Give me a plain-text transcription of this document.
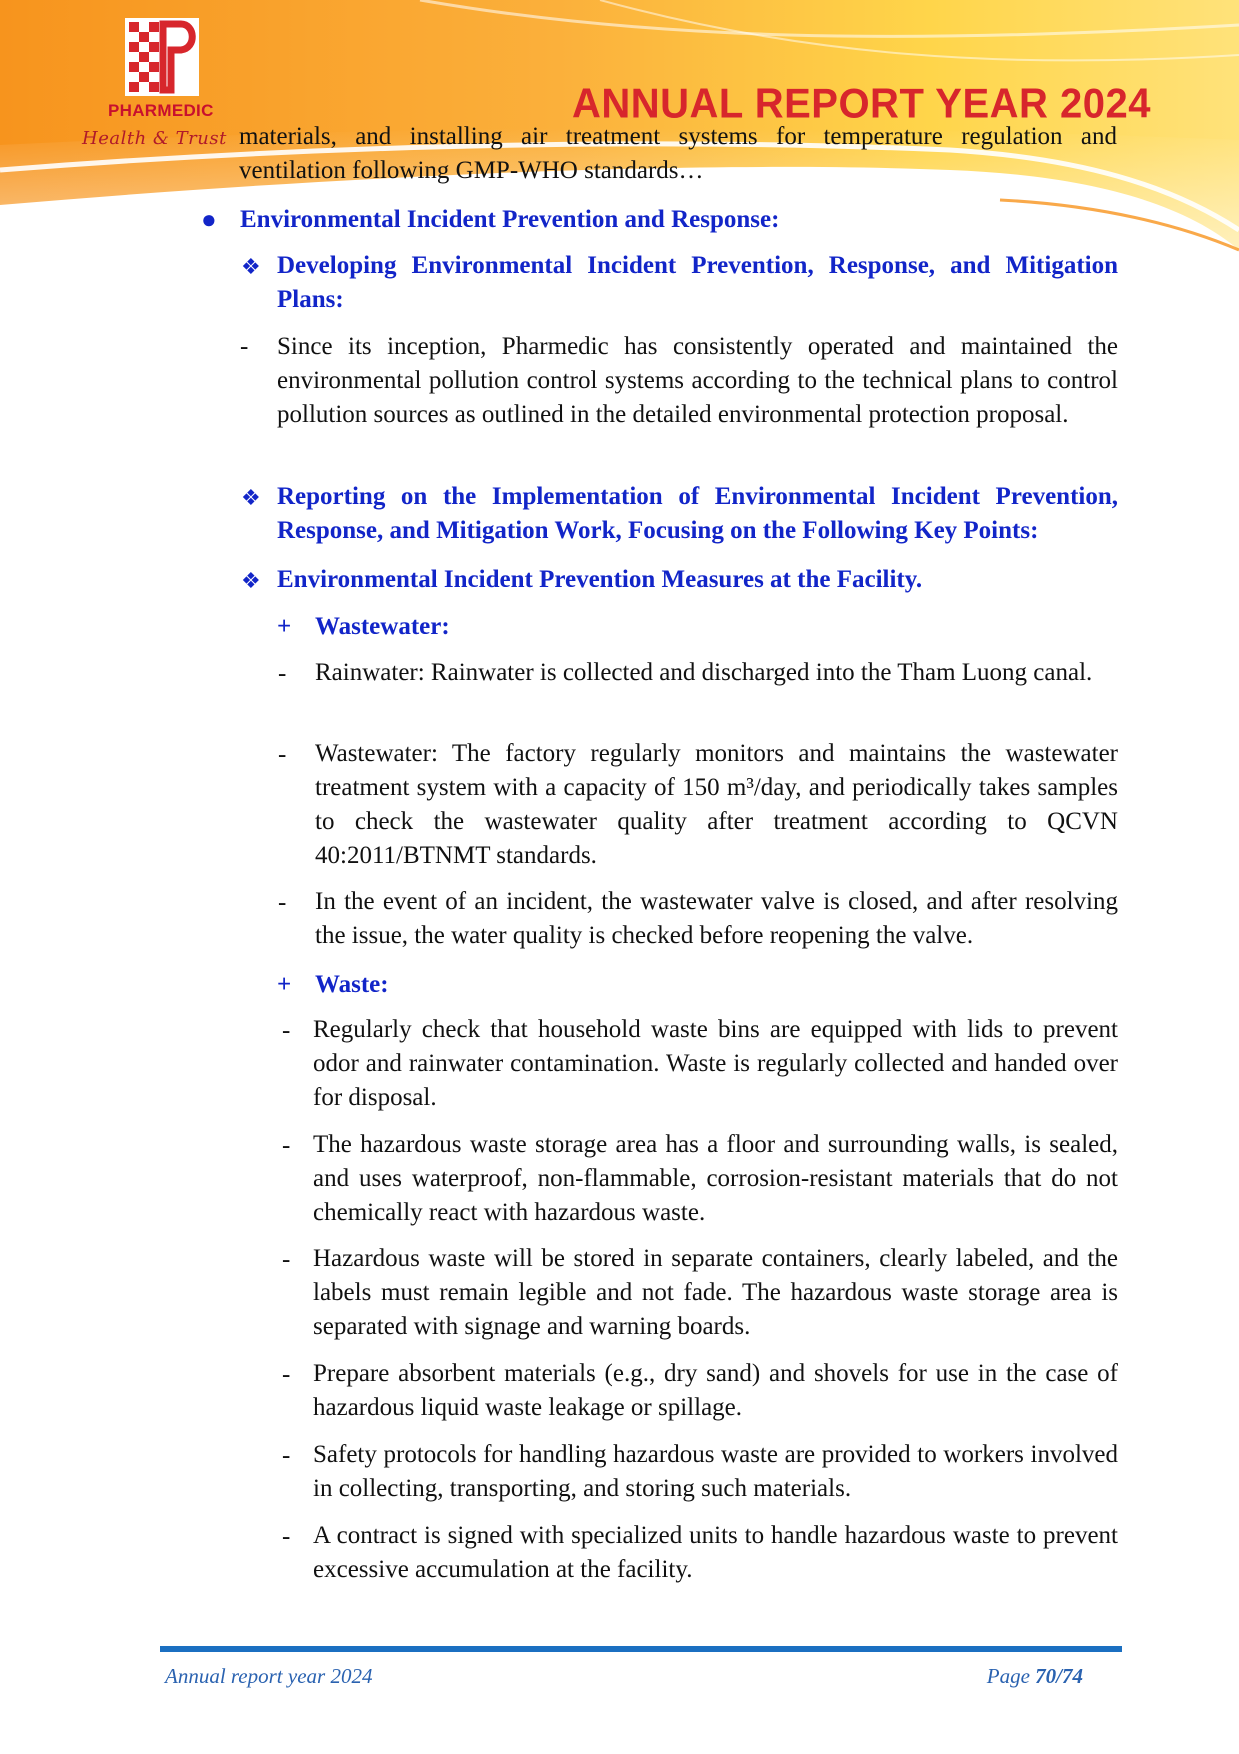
PHARMEDIC
Health & Trust
ANNUAL REPORT YEAR 2024

materials, and installing air treatment systems for temperature regulation and ventilation following GMP-WHO standards…

● Environmental Incident Prevention and Response:

❖ Developing Environmental Incident Prevention, Response, and Mitigation Plans:

- Since its inception, Pharmedic has consistently operated and maintained the environmental pollution control systems according to the technical plans to control pollution sources as outlined in the detailed environmental protection proposal.

❖ Reporting on the Implementation of Environmental Incident Prevention, Response, and Mitigation Work, Focusing on the Following Key Points:

❖ Environmental Incident Prevention Measures at the Facility.

+ Wastewater:

- Rainwater: Rainwater is collected and discharged into the Tham Luong canal.

- Wastewater: The factory regularly monitors and maintains the wastewater treatment system with a capacity of 150 m³/day, and periodically takes samples to check the wastewater quality after treatment according to QCVN 40:2011/BTNMT standards.

- In the event of an incident, the wastewater valve is closed, and after resolving the issue, the water quality is checked before reopening the valve.

+ Waste:

- Regularly check that household waste bins are equipped with lids to prevent odor and rainwater contamination. Waste is regularly collected and handed over for disposal.

- The hazardous waste storage area has a floor and surrounding walls, is sealed, and uses waterproof, non-flammable, corrosion-resistant materials that do not chemically react with hazardous waste.

- Hazardous waste will be stored in separate containers, clearly labeled, and the labels must remain legible and not fade. The hazardous waste storage area is separated with signage and warning boards.

- Prepare absorbent materials (e.g., dry sand) and shovels for use in the case of hazardous liquid waste leakage or spillage.

- Safety protocols for handling hazardous waste are provided to workers involved in collecting, transporting, and storing such materials.

- A contract is signed with specialized units to handle hazardous waste to prevent excessive accumulation at the facility.

Annual report year 2024	Page 70/74
